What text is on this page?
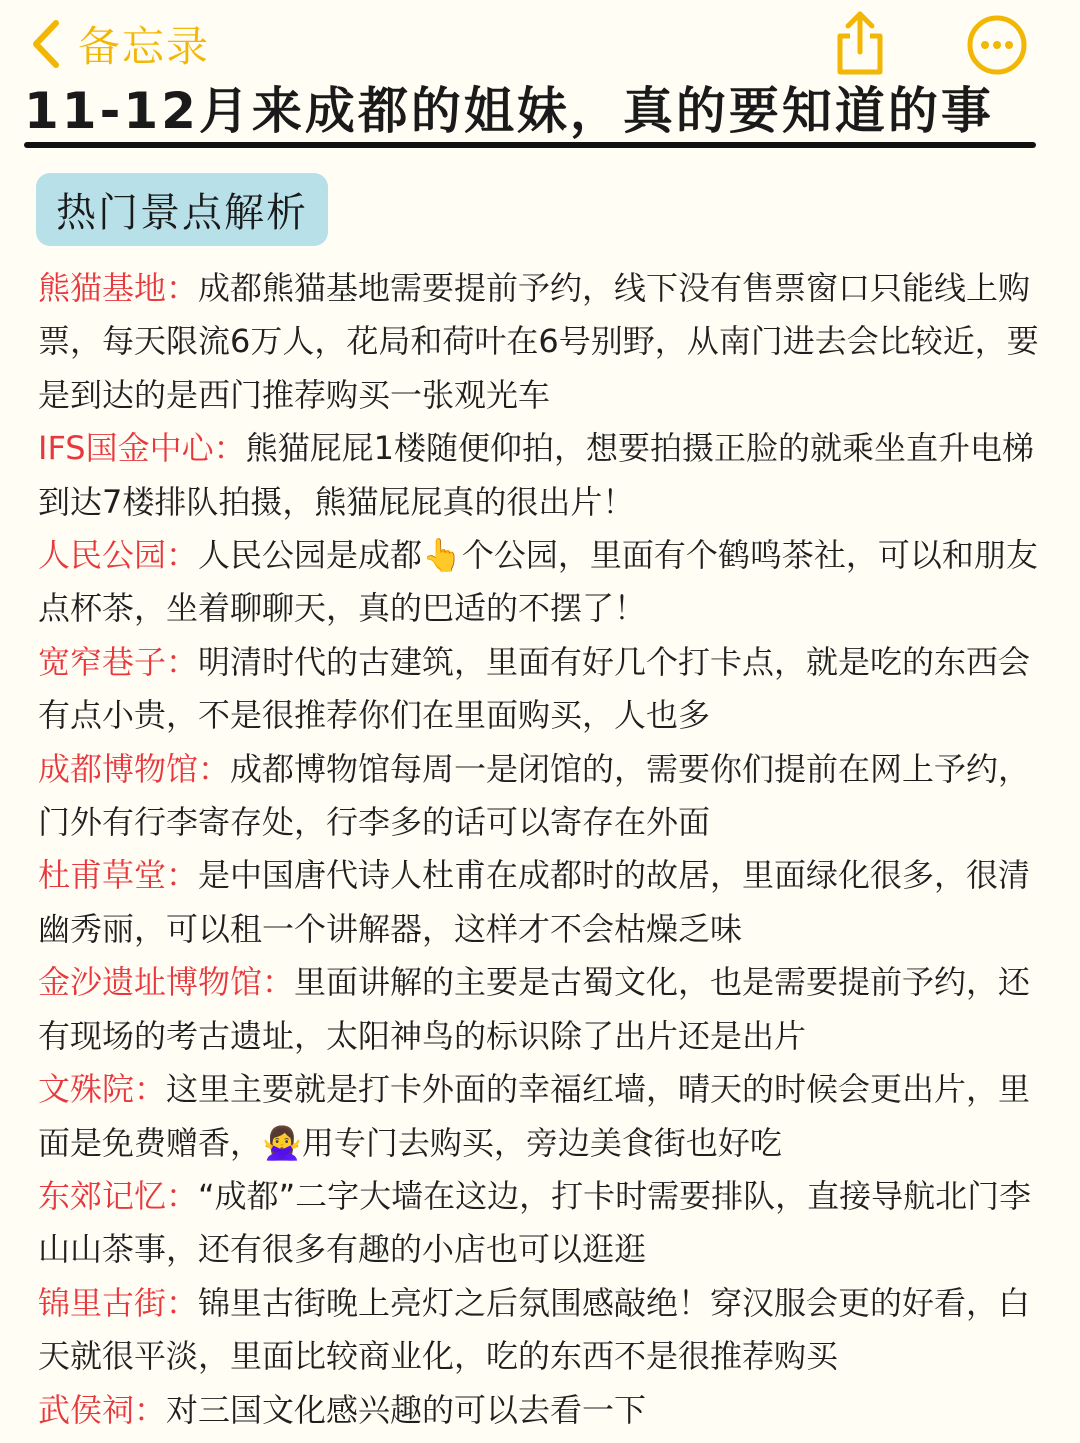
备忘录
11-12月来成都的姐妹，真的要知道的事
热门景点解析

熊猫基地：成都熊猫基地需要提前予约，线下没有售票窗口只能线上购票，每天限流6万人，花局和荷叶在6号别野，从南门进去会比较近，要是到达的是西门推荐购买一张观光车

IFS国金中心：熊猫屁屁1楼随便仰拍，想要拍摄正脸的就乘坐直升电梯到达7楼排队拍摄，熊猫屁屁真的很出片！

人民公园：人民公园是成都👆个公园，里面有个鹤鸣茶社，可以和朋友点杯茶，坐着聊聊天，真的巴适的不摆了！

宽窄巷子：明清时代的古建筑，里面有好几个打卡点，就是吃的东西会有点小贵，不是很推荐你们在里面购买，人也多

成都博物馆：成都博物馆每周一是闭馆的，需要你们提前在网上予约，门外有行李寄存处，行李多的话可以寄存在外面

杜甫草堂：是中国唐代诗人杜甫在成都时的故居，里面绿化很多，很清幽秀丽，可以租一个讲解器，这样才不会枯燥乏味

金沙遗址博物馆：里面讲解的主要是古蜀文化，也是需要提前予约，还有现场的考古遗址，太阳神鸟的标识除了出片还是出片

文殊院：这里主要就是打卡外面的幸福红墙，晴天的时候会更出片，里面是免费赠香，🙅‍♀️用专门去购买，旁边美食街也好吃

东郊记忆：“成都”二字大墙在这边，打卡时需要排队，直接导航北门李山山茶事，还有很多有趣的小店也可以逛逛

锦里古街：锦里古街晚上亮灯之后氛围感敲绝！穿汉服会更的好看，白天就很平淡，里面比较商业化，吃的东西不是很推荐购买

武侯祠：对三国文化感兴趣的可以去看一下
